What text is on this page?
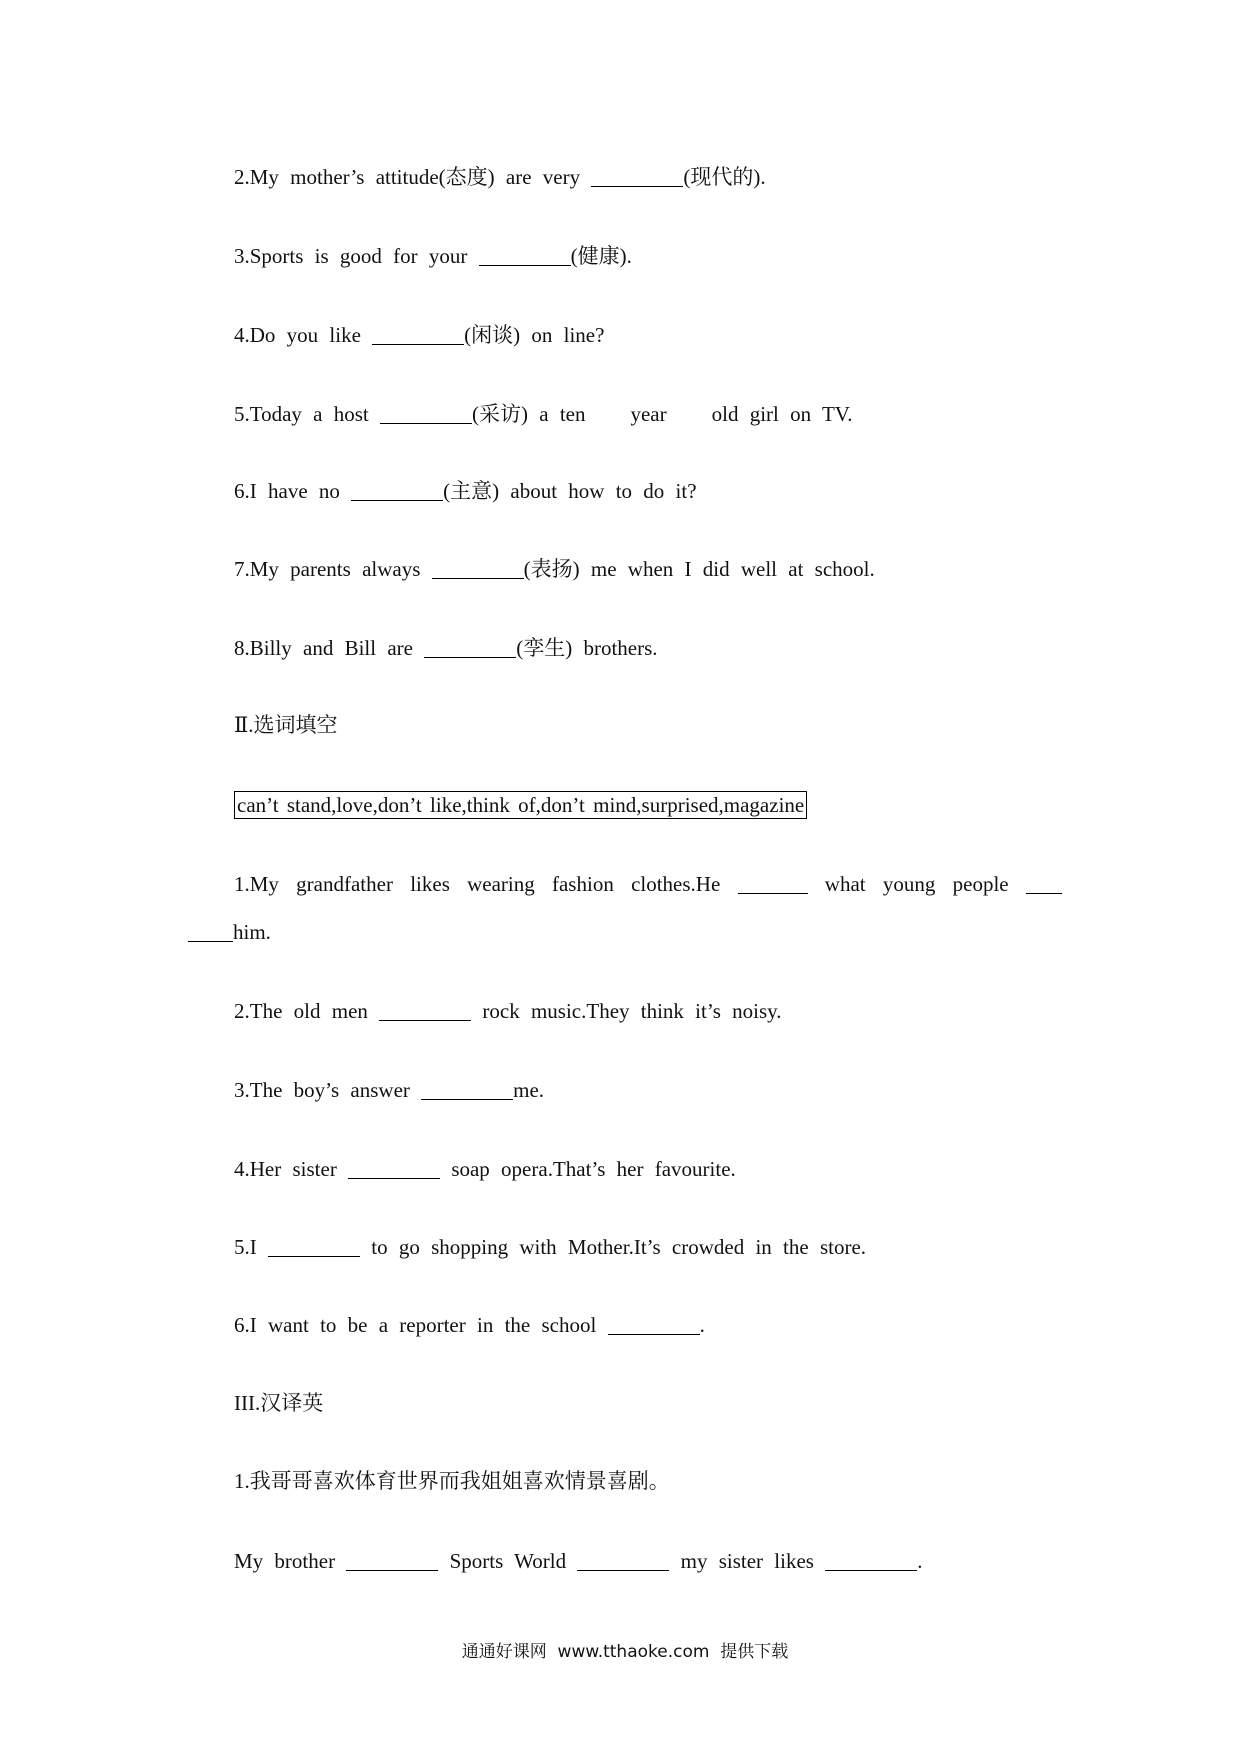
2.My mother’s attitude(态度) are very	(现代的).
3.Sports is good for your	(健康).
4.Do you like	(闲谈) on line?
5.Today a host	(采访) a ten    year    old girl on TV.
6.I have no	(主意) about how to do it?
7.My parents always	(表扬) me when I did well at school.
8.Billy and Bill are	(孪生) brothers.
Ⅱ.选词填空
can’t stand,love,don’t like,think of,don’t mind,surprised,magazine
1.My grandfather likes wearing fashion clothes.He	what young people
him.
2.The old men	rock music.They think it’s noisy.
3.The boy’s answer	me.
4.Her sister	soap opera.That’s her favourite.
5.I	to go shopping with Mother.It’s crowded in the store.
6.I want to be a reporter in the school	.
III.汉译英
1.我哥哥喜欢体育世界而我姐姐喜欢情景喜剧。
My brother	Sports World	my sister likes	.
通通好课网  www.tthaoke.com  提供下载
